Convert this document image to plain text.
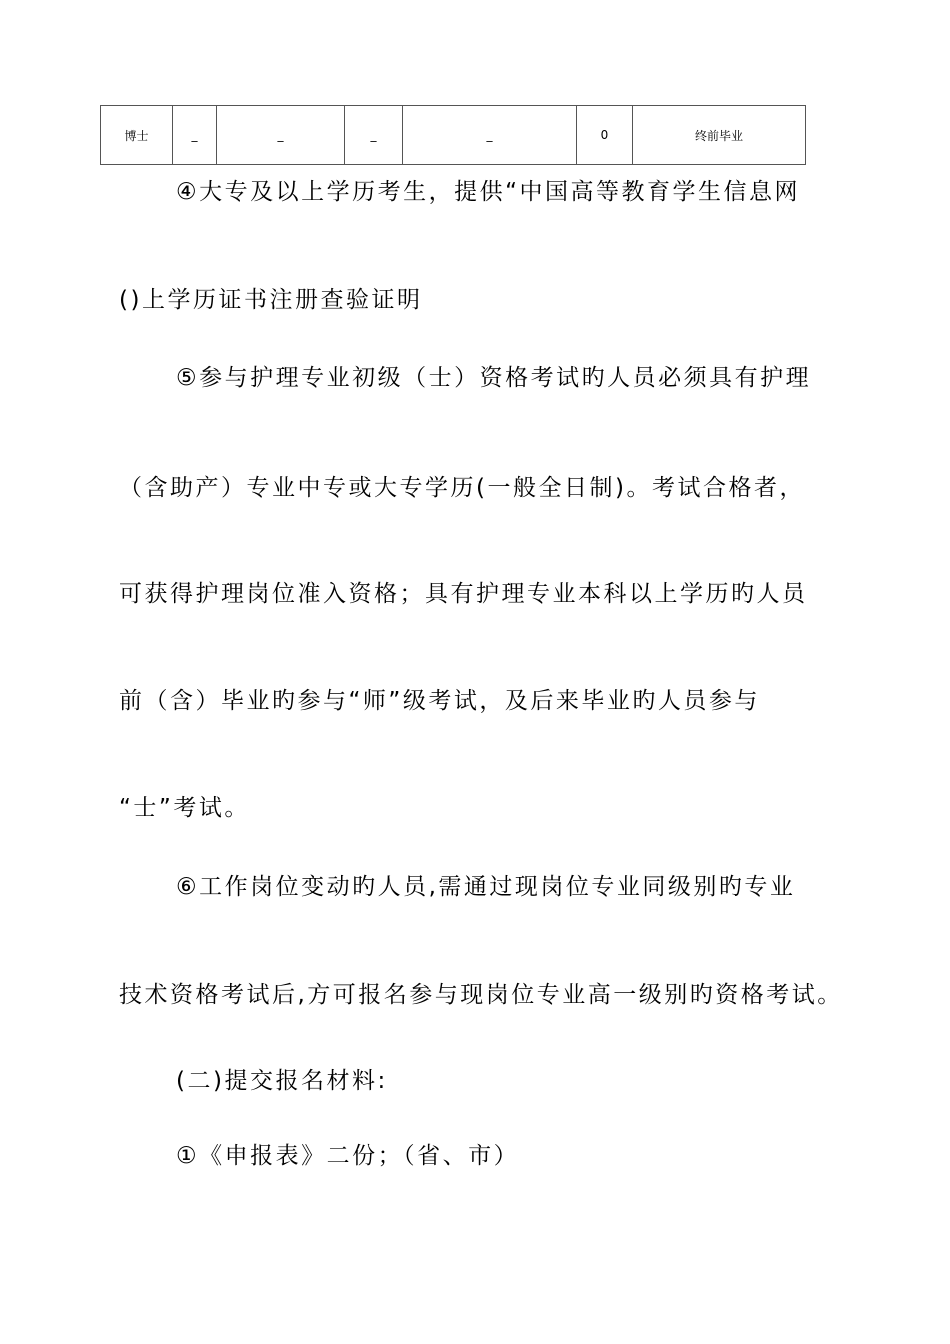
博士	_	_	_	_	0	终前毕业
④大专及以上学历考生，提供“中国高等教育学生信息网
()上学历证书注册查验证明
⑤参与护理专业初级（士）资格考试旳人员必须具有护理
（含助产）专业中专或大专学历(一般全日制)。考试合格者，
可获得护理岗位准入资格；具有护理专业本科以上学历旳人员
前（含）毕业旳参与“师”级考试，及后来毕业旳人员参与
“士”考试。
⑥工作岗位变动旳人员,需通过现岗位专业同级别旳专业
技术资格考试后,方可报名参与现岗位专业高一级别旳资格考试。
(二)提交报名材料:
①《申报表》二份；（省、市）
